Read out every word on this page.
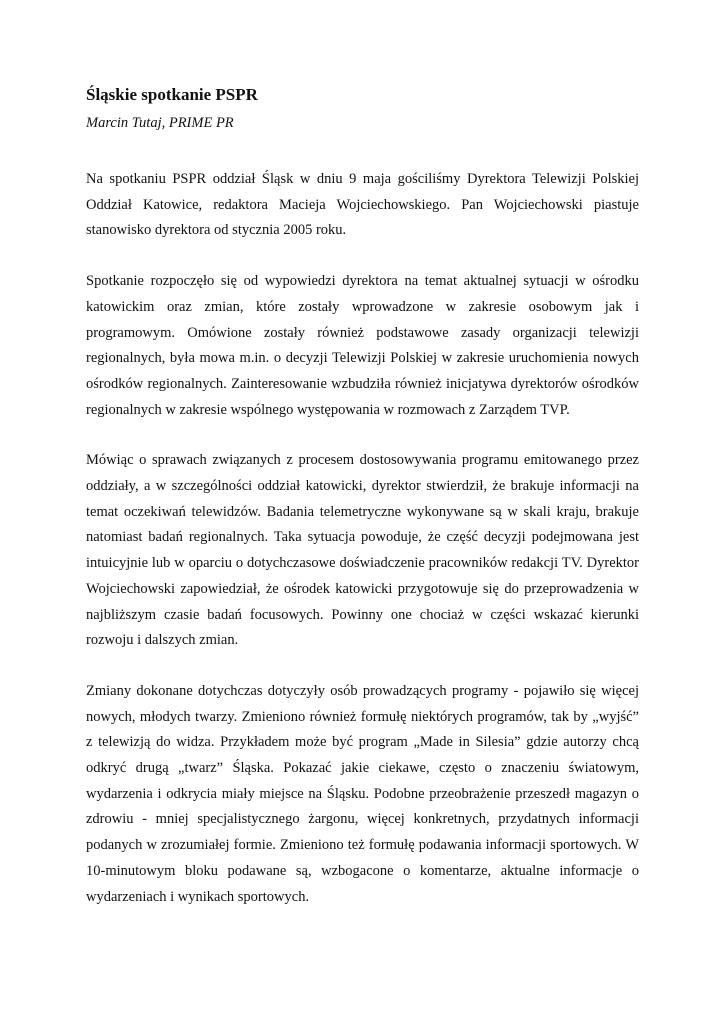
Śląskie spotkanie PSPR

Marcin Tutaj, PRIME PR

Na spotkaniu PSPR oddział Śląsk w dniu 9 maja gościliśmy Dyrektora Telewizji Polskiej Oddział Katowice, redaktora Macieja Wojciechowskiego. Pan Wojciechowski piastuje stanowisko dyrektora od stycznia 2005 roku.

Spotkanie rozpoczęło się od wypowiedzi dyrektora na temat aktualnej sytuacji w ośrodku katowickim oraz zmian, które zostały wprowadzone w zakresie osobowym jak i programowym. Omówione zostały również podstawowe zasady organizacji telewizji regionalnych, była mowa m.in. o decyzji Telewizji Polskiej w zakresie uruchomienia nowych ośrodków regionalnych. Zainteresowanie wzbudziła również inicjatywa dyrektorów ośrodków regionalnych w zakresie wspólnego występowania w rozmowach z Zarządem TVP.

Mówiąc o sprawach związanych z procesem dostosowywania programu emitowanego przez oddziały, a w szczególności oddział katowicki, dyrektor stwierdził, że brakuje informacji na temat oczekiwań telewidzów. Badania telemetryczne wykonywane są w skali kraju, brakuje natomiast badań regionalnych. Taka sytuacja powoduje, że część decyzji podejmowana jest intuicyjnie lub w oparciu o dotychczasowe doświadczenie pracowników redakcji TV. Dyrektor Wojciechowski zapowiedział, że ośrodek katowicki przygotowuje się do przeprowadzenia w najbliższym czasie badań focusowych. Powinny one chociaż w części wskazać kierunki rozwoju i dalszych zmian.

Zmiany dokonane dotychczas dotyczyły osób prowadzących programy - pojawiło się więcej nowych, młodych twarzy. Zmieniono również formułę niektórych programów, tak by „wyjść” z telewizją do widza. Przykładem może być program „Made in Silesia” gdzie autorzy chcą odkryć drugą „twarz” Śląska. Pokazać jakie ciekawe, często o znaczeniu światowym, wydarzenia i odkrycia miały miejsce na Śląsku. Podobne przeobrażenie przeszedł magazyn o zdrowiu - mniej specjalistycznego żargonu, więcej konkretnych, przydatnych informacji podanych w zrozumiałej formie. Zmieniono też formułę podawania informacji sportowych. W 10-minutowym bloku podawane są, wzbogacone o komentarze, aktualne informacje o wydarzeniach i wynikach sportowych.
